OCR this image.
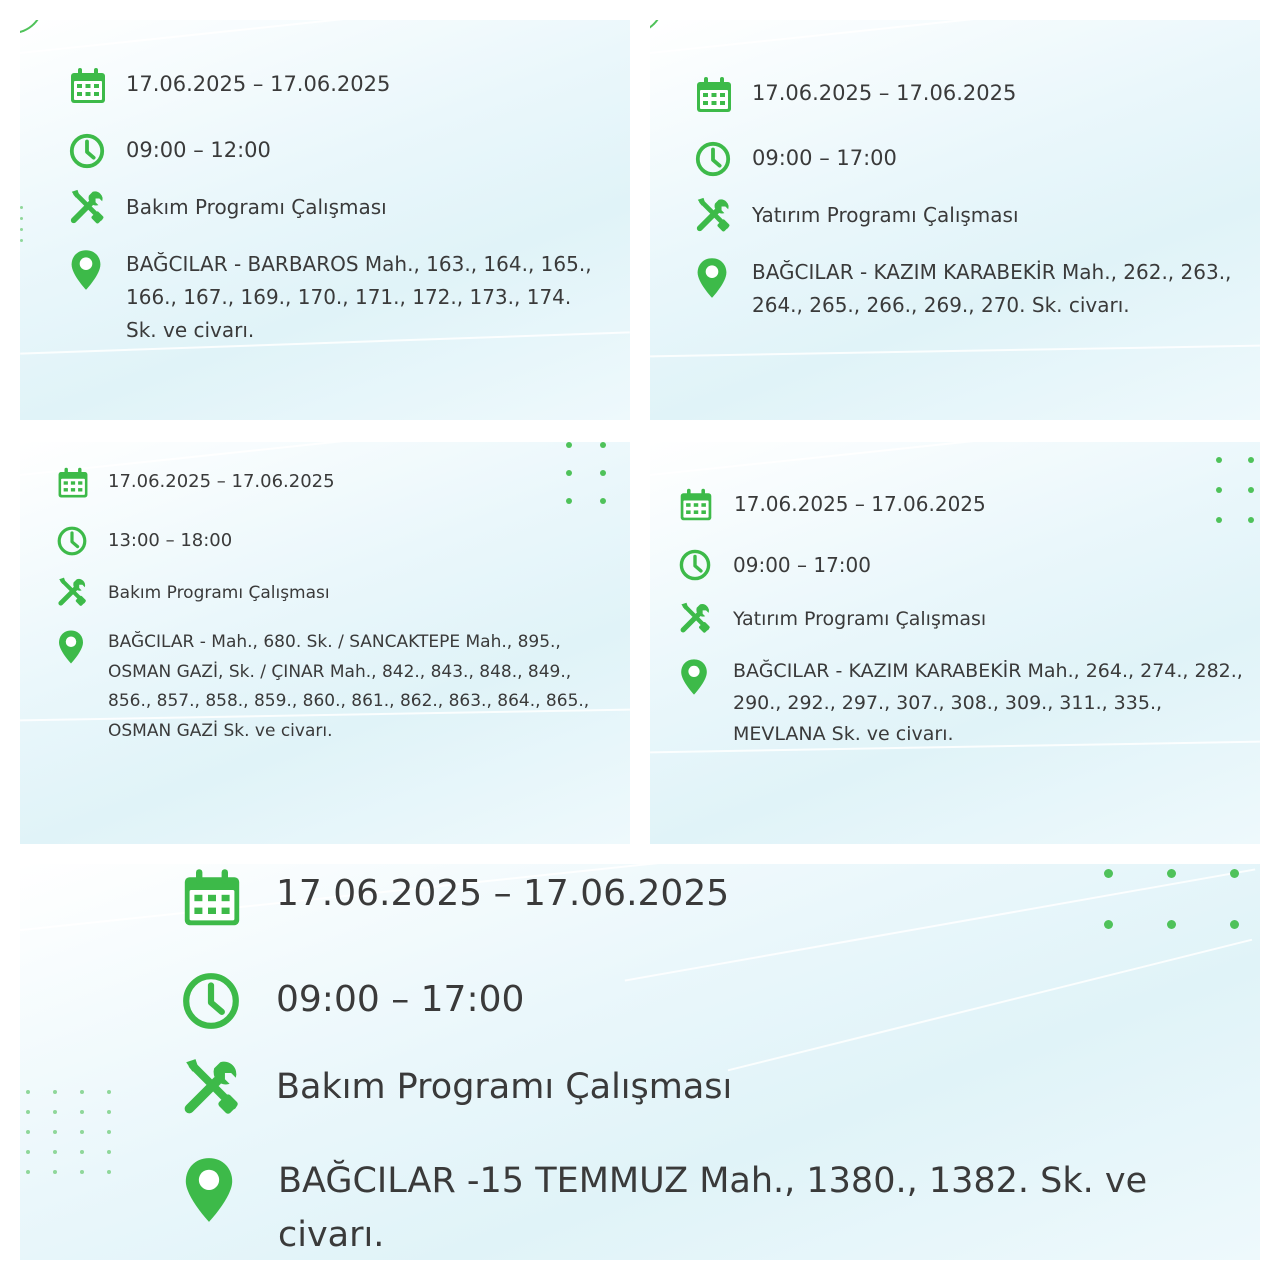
17.06.2025 – 17.06.2025
09:00 – 12:00
Bakım Programı Çalışması
BAĞCILAR - BARBAROS Mah., 163., 164., 165., 166., 167., 169., 170., 171., 172., 173., 174. Sk. ve civarı.
17.06.2025 – 17.06.2025
09:00 – 17:00
Yatırım Programı Çalışması
BAĞCILAR - KAZIM KARABEKİR Mah., 262., 263., 264., 265., 266., 269., 270. Sk. civarı.
17.06.2025 – 17.06.2025
13:00 – 18:00
Bakım Programı Çalışması
BAĞCILAR - Mah., 680. Sk. / SANCAKTEPE Mah., 895., OSMAN GAZİ, Sk. / ÇINAR Mah., 842., 843., 848., 849., 856., 857., 858., 859., 860., 861., 862., 863., 864., 865., OSMAN GAZİ Sk. ve civarı.
17.06.2025 – 17.06.2025
09:00 – 17:00
Yatırım Programı Çalışması
BAĞCILAR - KAZIM KARABEKİR Mah., 264., 274., 282., 290., 292., 297., 307., 308., 309., 311., 335., MEVLANA Sk. ve civarı.
17.06.2025 – 17.06.2025
09:00 – 17:00
Bakım Programı Çalışması
BAĞCILAR -15 TEMMUZ Mah., 1380., 1382. Sk. ve civarı.
